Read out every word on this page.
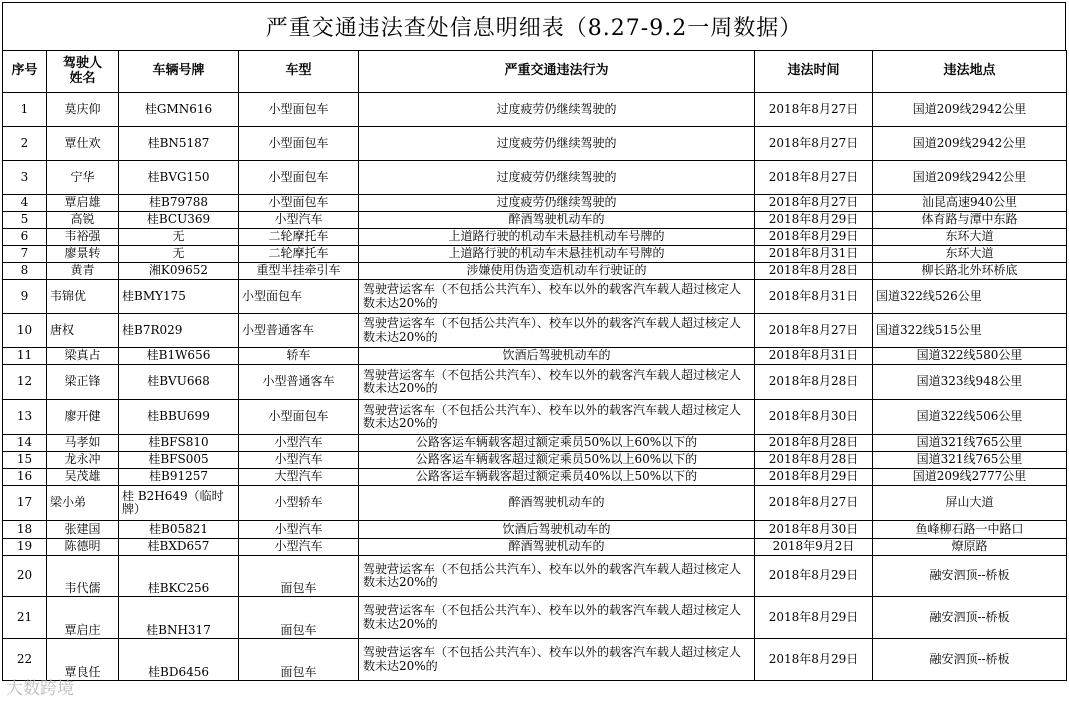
严重交通违法查处信息明细表（8.27-9.2一周数据）
序号	驾驶人姓名	车辆号牌	车型	严重交通违法行为	违法时间	违法地点
1	莫庆仰	桂GMN616	小型面包车	过度疲劳仍继续驾驶的	2018年8月27日	国道209线2942公里
2	覃仕欢	桂BN5187	小型面包车	过度疲劳仍继续驾驶的	2018年8月27日	国道209线2942公里
3	宁华	桂BVG150	小型面包车	过度疲劳仍继续驾驶的	2018年8月27日	国道209线2942公里
4	覃启雄	桂B79788	小型面包车	过度疲劳仍继续驾驶的	2018年8月27日	汕昆高速940公里
5	高锐	桂BCU369	小型汽车	醉酒驾驶机动车的	2018年8月29日	体育路与潭中东路
6	韦裕强	无	二轮摩托车	上道路行驶的机动车未悬挂机动车号牌的	2018年8月29日	东环大道
7	廖景转	无	二轮摩托车	上道路行驶的机动车未悬挂机动车号牌的	2018年8月31日	东环大道
8	黄青	湘K09652	重型半挂牵引车	涉嫌使用伪造变造机动车行驶证的	2018年8月28日	柳长路北外环桥底
9	韦锦优	桂BMY175	小型面包车	驾驶营运客车（不包括公共汽车）、校车以外的载客汽车载人超过核定人数未达20%的	2018年8月31日	国道322线526公里
10	唐权	桂B7R029	小型普通客车	驾驶营运客车（不包括公共汽车）、校车以外的载客汽车载人超过核定人数未达20%的	2018年8月27日	国道322线515公里
11	梁真占	桂B1W656	轿车	饮酒后驾驶机动车的	2018年8月31日	国道322线580公里
12	梁正锋	桂BVU668	小型普通客车	驾驶营运客车（不包括公共汽车）、校车以外的载客汽车载人超过核定人数未达20%的	2018年8月28日	国道323线948公里
13	廖开健	桂BBU699	小型面包车	驾驶营运客车（不包括公共汽车）、校车以外的载客汽车载人超过核定人数未达20%的	2018年8月30日	国道322线506公里
14	马孝如	桂BFS810	小型汽车	公路客运车辆载客超过额定乘员50%以上60%以下的	2018年8月28日	国道321线765公里
15	龙永冲	桂BFS005	小型汽车	公路客运车辆载客超过额定乘员50%以上60%以下的	2018年8月28日	国道321线765公里
16	吴茂雄	桂B91257	大型汽车	公路客运车辆载客超过额定乘员40%以上50%以下的	2018年8月29日	国道209线2777公里
17	梁小弟	桂 B2H649（临时牌）	小型轿车	醉酒驾驶机动车的	2018年8月27日	屏山大道
18	张建国	桂B05821	小型汽车	饮酒后驾驶机动车的	2018年8月30日	鱼峰柳石路一中路口
19	陈德明	桂BXD657	小型汽车	醉酒驾驶机动车的	2018年9月2日	燎原路
20	韦代儒	桂BKC256	面包车	驾驶营运客车（不包括公共汽车）、校车以外的载客汽车载人超过核定人数未达20%的	2018年8月29日	融安泗顶--桥板
21	覃启庄	桂BNH317	面包车	驾驶营运客车（不包括公共汽车）、校车以外的载客汽车载人超过核定人数未达20%的	2018年8月29日	融安泗顶--桥板
22	覃良任	桂BD6456	面包车	驾驶营运客车（不包括公共汽车）、校车以外的载客汽车载人超过核定人数未达20%的	2018年8月29日	融安泗顶--桥板
大数跨境
